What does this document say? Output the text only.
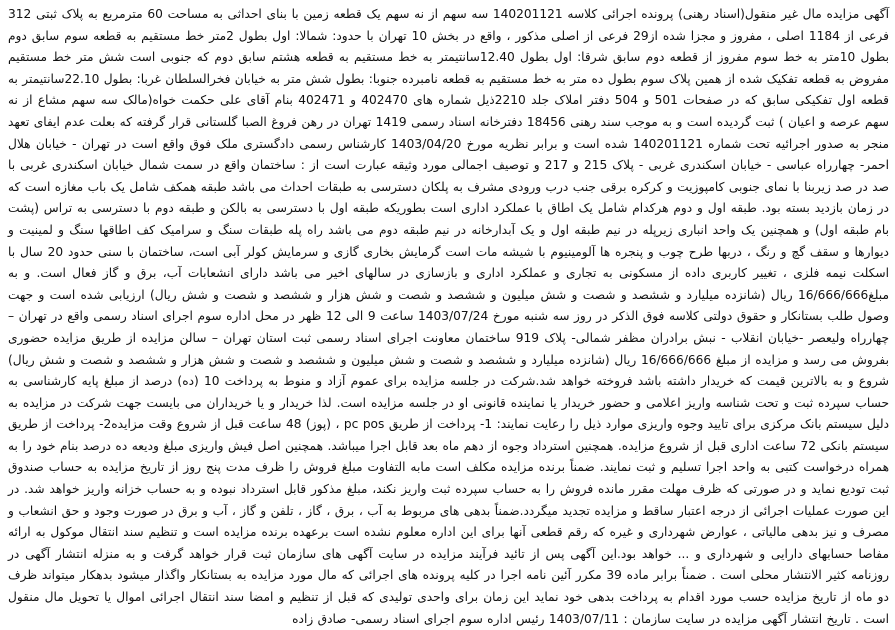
آگهی مزایده مال غیر منقول(اسناد رهنی) پرونده اجرائی کلاسه 140201121 سه سهم از نه سهم یک قطعه زمین با بنای احداثی به مساحت 60 مترمربع به پلاک ثبتی 312 فرعی از 1184 اصلی ، مفروز و مجزا شده از29 فرعی از اصلی مذکور ، واقع در بخش 10 تهران با حدود: شمالا: اول بطول 2متر خط مستقیم به قطعه سوم سابق دوم بطول 10متر به خط سوم مفروز از قطعه دوم سابق شرقا: اول بطول 12.40سانتیمتر به خط مستقیم به قطعه هشتم سابق دوم که جنوبی است شش متر خط مستقیم مفروض به قطعه تفکیک شده از همین پلاک سوم بطول ده متر به خط مستقیم به قطعه نامبرده جنوبا: بطول شش متر به خیابان فخرالسلطان غربا: بطول 22.10سانتیمتر به قطعه اول تفکیکی سابق که در صفحات 501 و 504 دفتر املاک جلد 2210ذیل شماره های 402470 و 402471 بنام آقای علی حکمت خواه(مالک سه سهم مشاع از نه سهم عرصه و اعیان ) ثبت گردیده است و به موجب سند رهنی 18456 دفترخانه اسناد رسمی 1419 تهران در رهن فروغ الصبا گلستانی قرار گرفته که بعلت عدم ایفای تعهد منجر به صدور اجرائیه تحت شماره 140201121 شده است و برابر نظریه مورخ 1403/04/20 کارشناس رسمی دادگستری ملک فوق واقع است در تهران - خیابان هلال احمر- چهارراه عباسی - خیابان اسکندری غربی - پلاک 215 و 217 و توصیف اجمالی مورد وثیقه عبارت است از : ساختمان واقع در سمت شمال خیابان اسکندری غربی با صد در صد زیربنا با نمای جنوبی کامپوزیت و کرکره برقی جنب درب ورودی مشرف به پلکان دسترسی به طبقات احداث می باشد طبقه همکف شامل یک باب مغازه است که در زمان بازدید بسته بود. طبقه اول و دوم هرکدام شامل یک اطاق با عملکرد اداری است بطوریکه طبقه اول با دسترسی به بالکن و طبقه دوم با دسترسی به تراس (پشت بام طبقه اول) و همچنین یک واحد انباری زیرپله در نیم طبقه اول و یک آبدارخانه در نیم طبقه دوم می باشد راه پله طبقات سنگ و سرامیک کف اطاقها سنگ و لمینیت و دیوارها و سقف گچ و رنگ ، دربها طرح چوب و پنجره ها آلومینیوم با شیشه مات است گرمایش بخاری گازی و سرمایش کولر آبی است، ساختمان با سنی حدود 20 سال با اسکلت نیمه فلزی ، تغییر کاربری داده از مسکونی به تجاری و عملکرد اداری و بازسازی در سالهای اخیر می باشد دارای انشعابات آب، برق و گاز فعال است. و به مبلغ16/666/666 ریال (شانزده میلیارد و ششصد و شصت و شش میلیون و ششصد و شصت و شش هزار و ششصد و شصت و شش ریال) ارزیابی شده است و جهت وصول طلب بستانکار و حقوق دولتی کلاسه فوق الذکر در روز سه شنبه مورخ 1403/07/24 ساعت 9 الی 12 ظهر در محل اداره سوم اجرای اسناد رسمی واقع در تهران – چهارراه ولیعصر -خیابان انقلاب - نبش برادران مظفر شمالی- پلاک 919 ساختمان معاونت اجرای اسناد رسمی ثبت استان تهران – سالن مزایده از طریق مزایده حضوری بفروش می رسد و مزایده از مبلغ 16/666/666 ریال (شانزده میلیارد و ششصد و شصت و شش میلیون و ششصد و شصت و شش هزار و ششصد و شصت و شش ریال) شروع و به بالاترین قیمت که خریدار داشته باشد فروخته خواهد شد.شرکت در جلسه مزایده برای عموم آزاد و منوط به پرداخت 10 (ده) درصد از مبلغ پایه کارشناسی به حساب سپرده ثبت و تحت شناسه واریز اعلامی و حضور خریدار یا نماینده قانونی او در جلسه مزایده است. لذا خریدار و یا خریداران می بایست جهت شرکت در مزایده به دلیل سیستم بانک مرکزی برای تایید وجوه واریزی موارد ذیل را رعایت نمایند: 1- پرداخت از طریق pc pos ، (پوز) 48 ساعت قبل از شروع وقت مزایده2- پرداخت از طریق سیستم بانکی 72 ساعت اداری قبل از شروع مزایده. همچنین استرداد وجوه از دهم ماه بعد قابل اجرا میباشد. همچنین اصل فیش واریزی مبلغ ودیعه ده درصد بنام خود را به همراه درخواست کتبی به واحد اجرا تسلیم و ثبت نمایند. ضمناً برنده مزایده مکلف است مابه التفاوت مبلغ فروش را ظرف مدت پنج روز از تاریخ مزایده به حساب صندوق ثبت تودیع نماید و در صورتی که ظرف مهلت مقرر مانده فروش را به حساب سپرده ثبت واریز نکند، مبلغ مذکور قابل استرداد نبوده و به حساب خزانه واریز خواهد شد. در این صورت عملیات اجرائی از درجه اعتبار ساقط و مزایده تجدید میگردد.ضمناً بدهی های مربوط به آب ، برق ، گاز ، تلفن و گاز ، آب و برق در صورت وجود و حق انشعاب و مصرف و نیز بدهی مالیاتی ، عوارض شهرداری و غیره که رقم قطعی آنها برای این اداره معلوم نشده است برعهده برنده مزایده است و تنظیم سند انتقال موکول به ارائه مفاصا حسابهای دارایی و شهرداری و ... خواهد بود.این آگهی پس از تائید فرآیند مزایده در سایت آگهی های سازمان ثبت قرار خواهد گرفت و به منزله انتشار آگهی در روزنامه کثیر الانتشار محلی است . ضمناً برابر ماده 39 مکرر آئین نامه اجرا در کلیه پرونده های اجرائی که مال مورد مزایده به بستانکار واگذار میشود بدهکار میتواند ظرف دو ماه از تاریخ مزایده حسب مورد اقدام به پرداخت بدهی خود نماید این زمان برای واحدی تولیدی که قبل از تنظیم و امضا سند انتقال اجرائی اموال یا تحویل مال منقول است . تاریخ انتشار آگهی مزایده در سایت سازمان : 1403/07/11 رئیس اداره سوم اجرای اسناد رسمی- صادق زاده
